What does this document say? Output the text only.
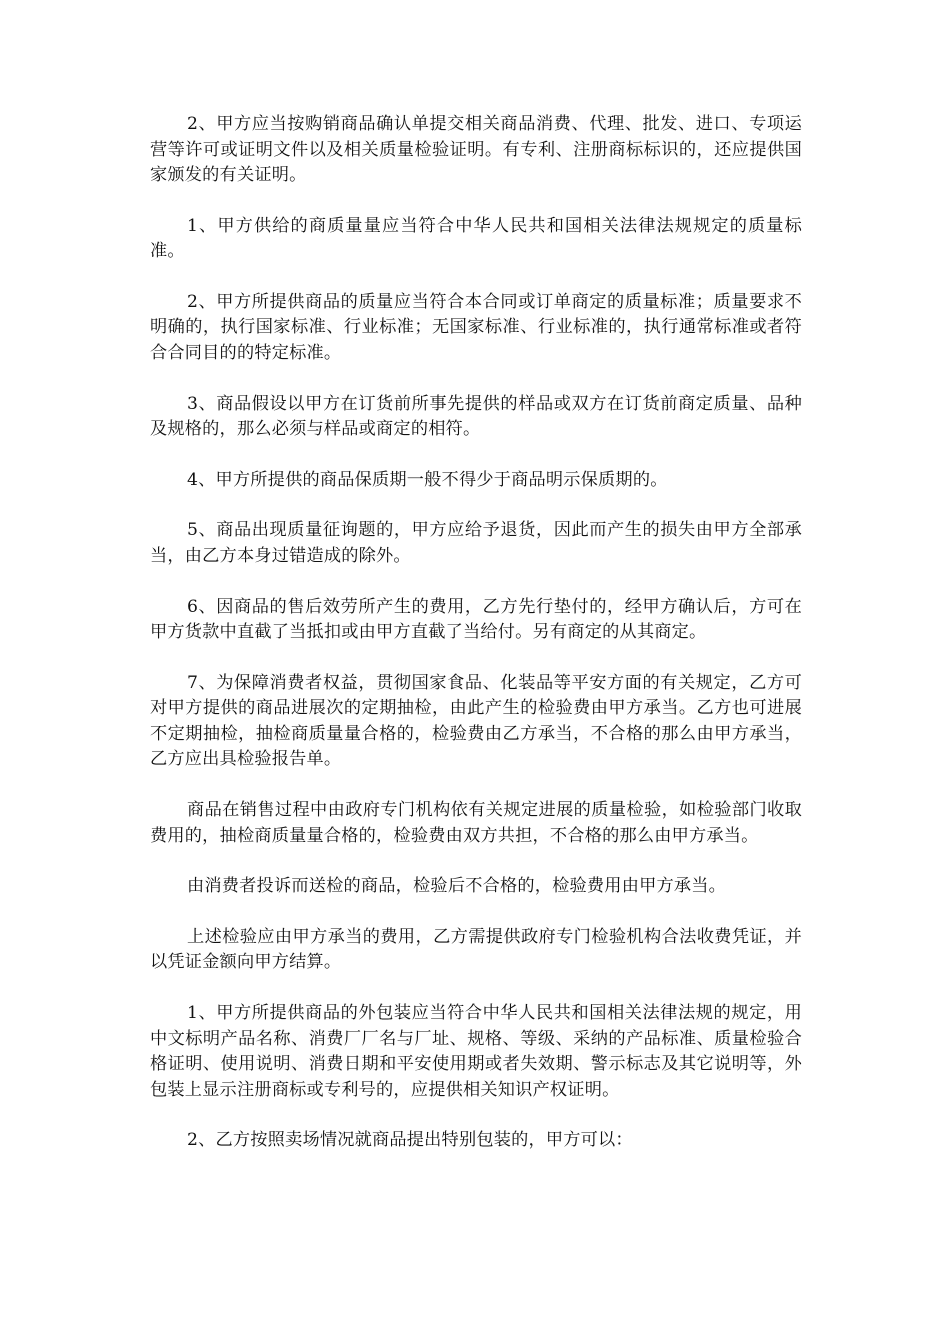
2、甲方应当按购销商品确认单提交相关商品消费、代理、批发、进口、专项运营等许可或证明文件以及相关质量检验证明。有专利、注册商标标识的，还应提供国家颁发的有关证明。

1、甲方供给的商质量量应当符合中华人民共和国相关法律法规规定的质量标准。

2、甲方所提供商品的质量应当符合本合同或订单商定的质量标准；质量要求不明确的，执行国家标准、行业标准；无国家标准、行业标准的，执行通常标准或者符合合同目的的特定标准。

3、商品假设以甲方在订货前所事先提供的样品或双方在订货前商定质量、品种及规格的，那么必须与样品或商定的相符。

4、甲方所提供的商品保质期一般不得少于商品明示保质期的。

5、商品出现质量征询题的，甲方应给予退货，因此而产生的损失由甲方全部承当，由乙方本身过错造成的除外。

6、因商品的售后效劳所产生的费用，乙方先行垫付的，经甲方确认后，方可在甲方货款中直截了当抵扣或由甲方直截了当给付。另有商定的从其商定。

7、为保障消费者权益，贯彻国家食品、化装品等平安方面的有关规定，乙方可对甲方提供的商品进展次的定期抽检，由此产生的检验费由甲方承当。乙方也可进展不定期抽检，抽检商质量量合格的，检验费由乙方承当，不合格的那么由甲方承当，乙方应出具检验报告单。

商品在销售过程中由政府专门机构依有关规定进展的质量检验，如检验部门收取费用的，抽检商质量量合格的，检验费由双方共担，不合格的那么由甲方承当。

由消费者投诉而送检的商品，检验后不合格的，检验费用由甲方承当。

上述检验应由甲方承当的费用，乙方需提供政府专门检验机构合法收费凭证，并以凭证金额向甲方结算。

1、甲方所提供商品的外包装应当符合中华人民共和国相关法律法规的规定，用中文标明产品名称、消费厂厂名与厂址、规格、等级、采纳的产品标准、质量检验合格证明、使用说明、消费日期和平安使用期或者失效期、警示标志及其它说明等，外包装上显示注册商标或专利号的，应提供相关知识产权证明。

2、乙方按照卖场情况就商品提出特别包装的，甲方可以：
